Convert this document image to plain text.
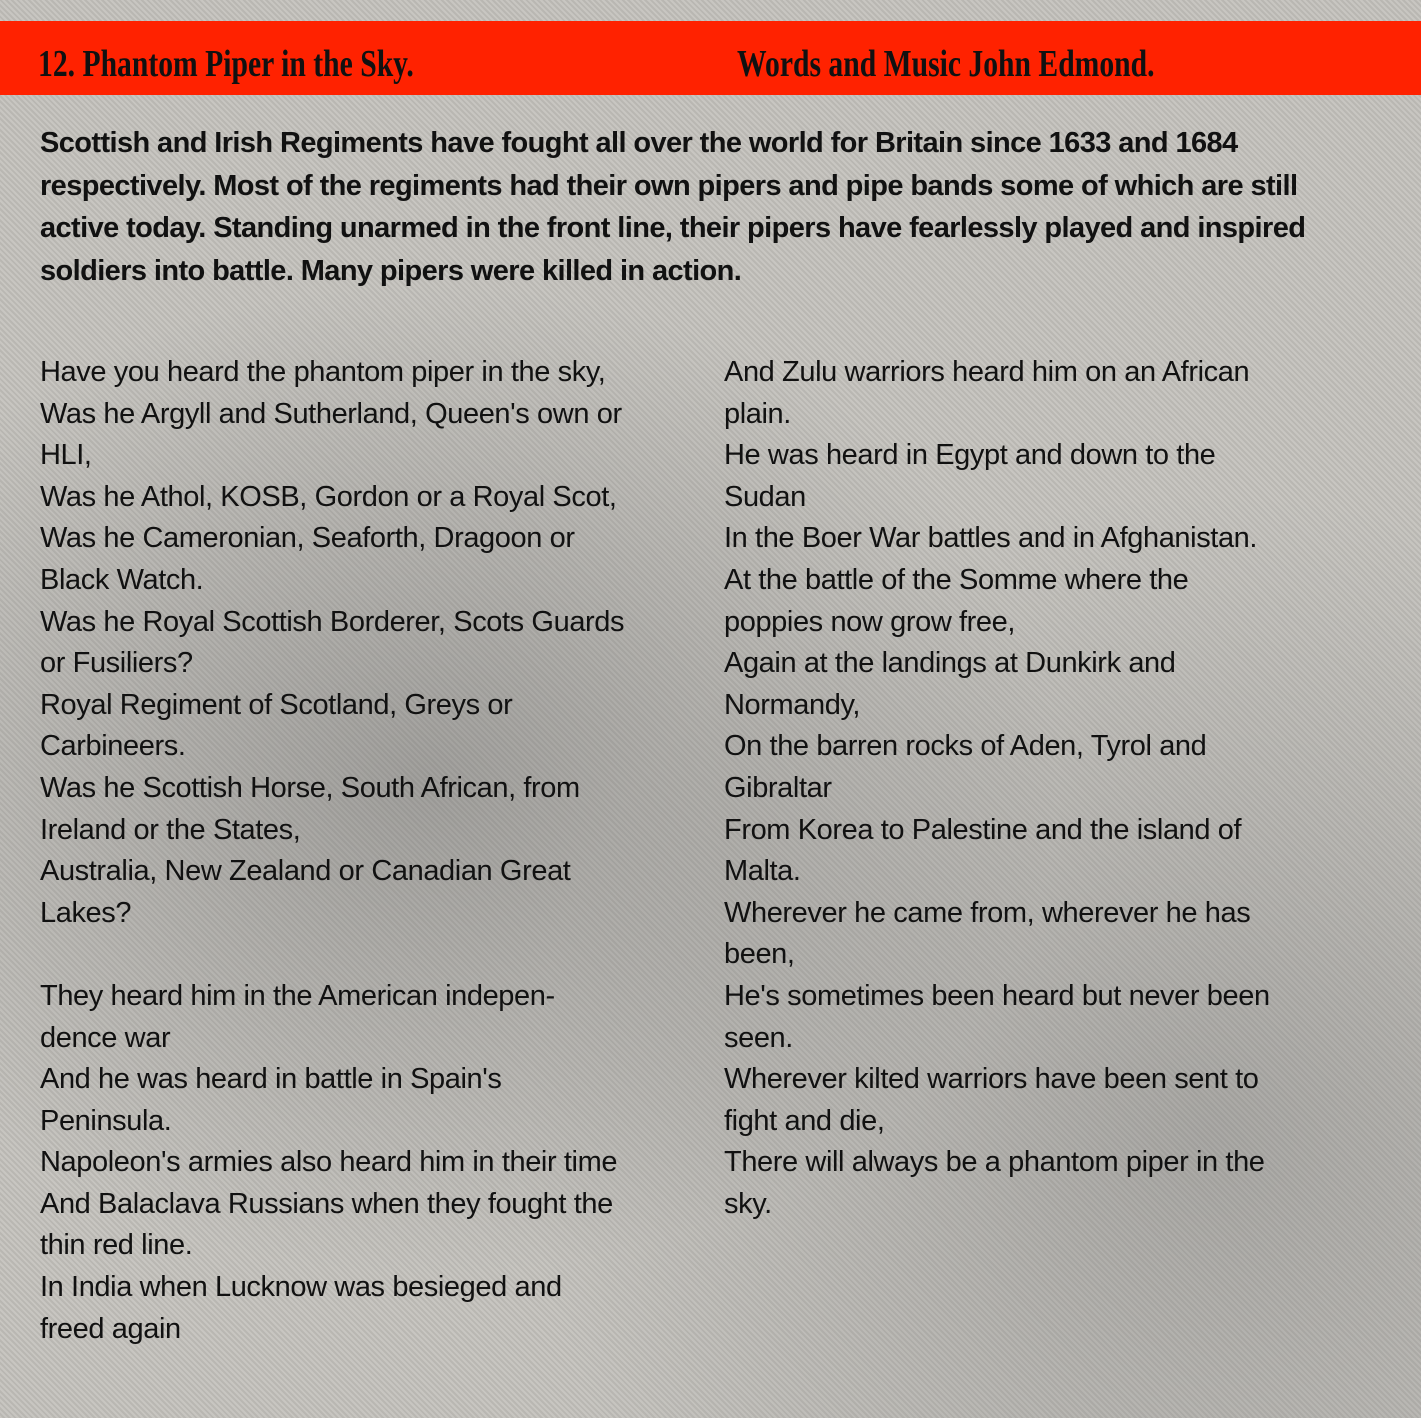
12. Phantom Piper in the Sky.	Words and Music John Edmond.
Scottish and Irish Regiments have fought all over the world for Britain since 1633 and 1684 respectively. Most of the regiments had their own pipers and pipe bands some of which are still active today. Standing unarmed in the front line, their pipers have fearlessly played and inspired soldiers into battle. Many pipers were killed in action.
Have you heard the phantom piper in the sky,
Was he Argyll and Sutherland, Queen's own or
HLI,
Was he Athol, KOSB, Gordon or a Royal Scot,
Was he Cameronian, Seaforth, Dragoon or
Black Watch.
Was he Royal Scottish Borderer, Scots Guards
or Fusiliers?
Royal Regiment of Scotland, Greys or
Carbineers.
Was he Scottish Horse, South African, from
Ireland or the States,
Australia, New Zealand or Canadian Great
Lakes?
They heard him in the American indepen-
dence war
And he was heard in battle in Spain's
Peninsula.
Napoleon's armies also heard him in their time
And Balaclava Russians when they fought the
thin red line.
In India when Lucknow was besieged and
freed again
And Zulu warriors heard him on an African
plain.
He was heard in Egypt and down to the
Sudan
In the Boer War battles and in Afghanistan.
At the battle of the Somme where the
poppies now grow free,
Again at the landings at Dunkirk and
Normandy,
On the barren rocks of Aden, Tyrol and
Gibraltar
From Korea to Palestine and the island of
Malta.
Wherever he came from, wherever he has
been,
He's sometimes been heard but never been
seen.
Wherever kilted warriors have been sent to
fight and die,
There will always be a phantom piper in the
sky.
